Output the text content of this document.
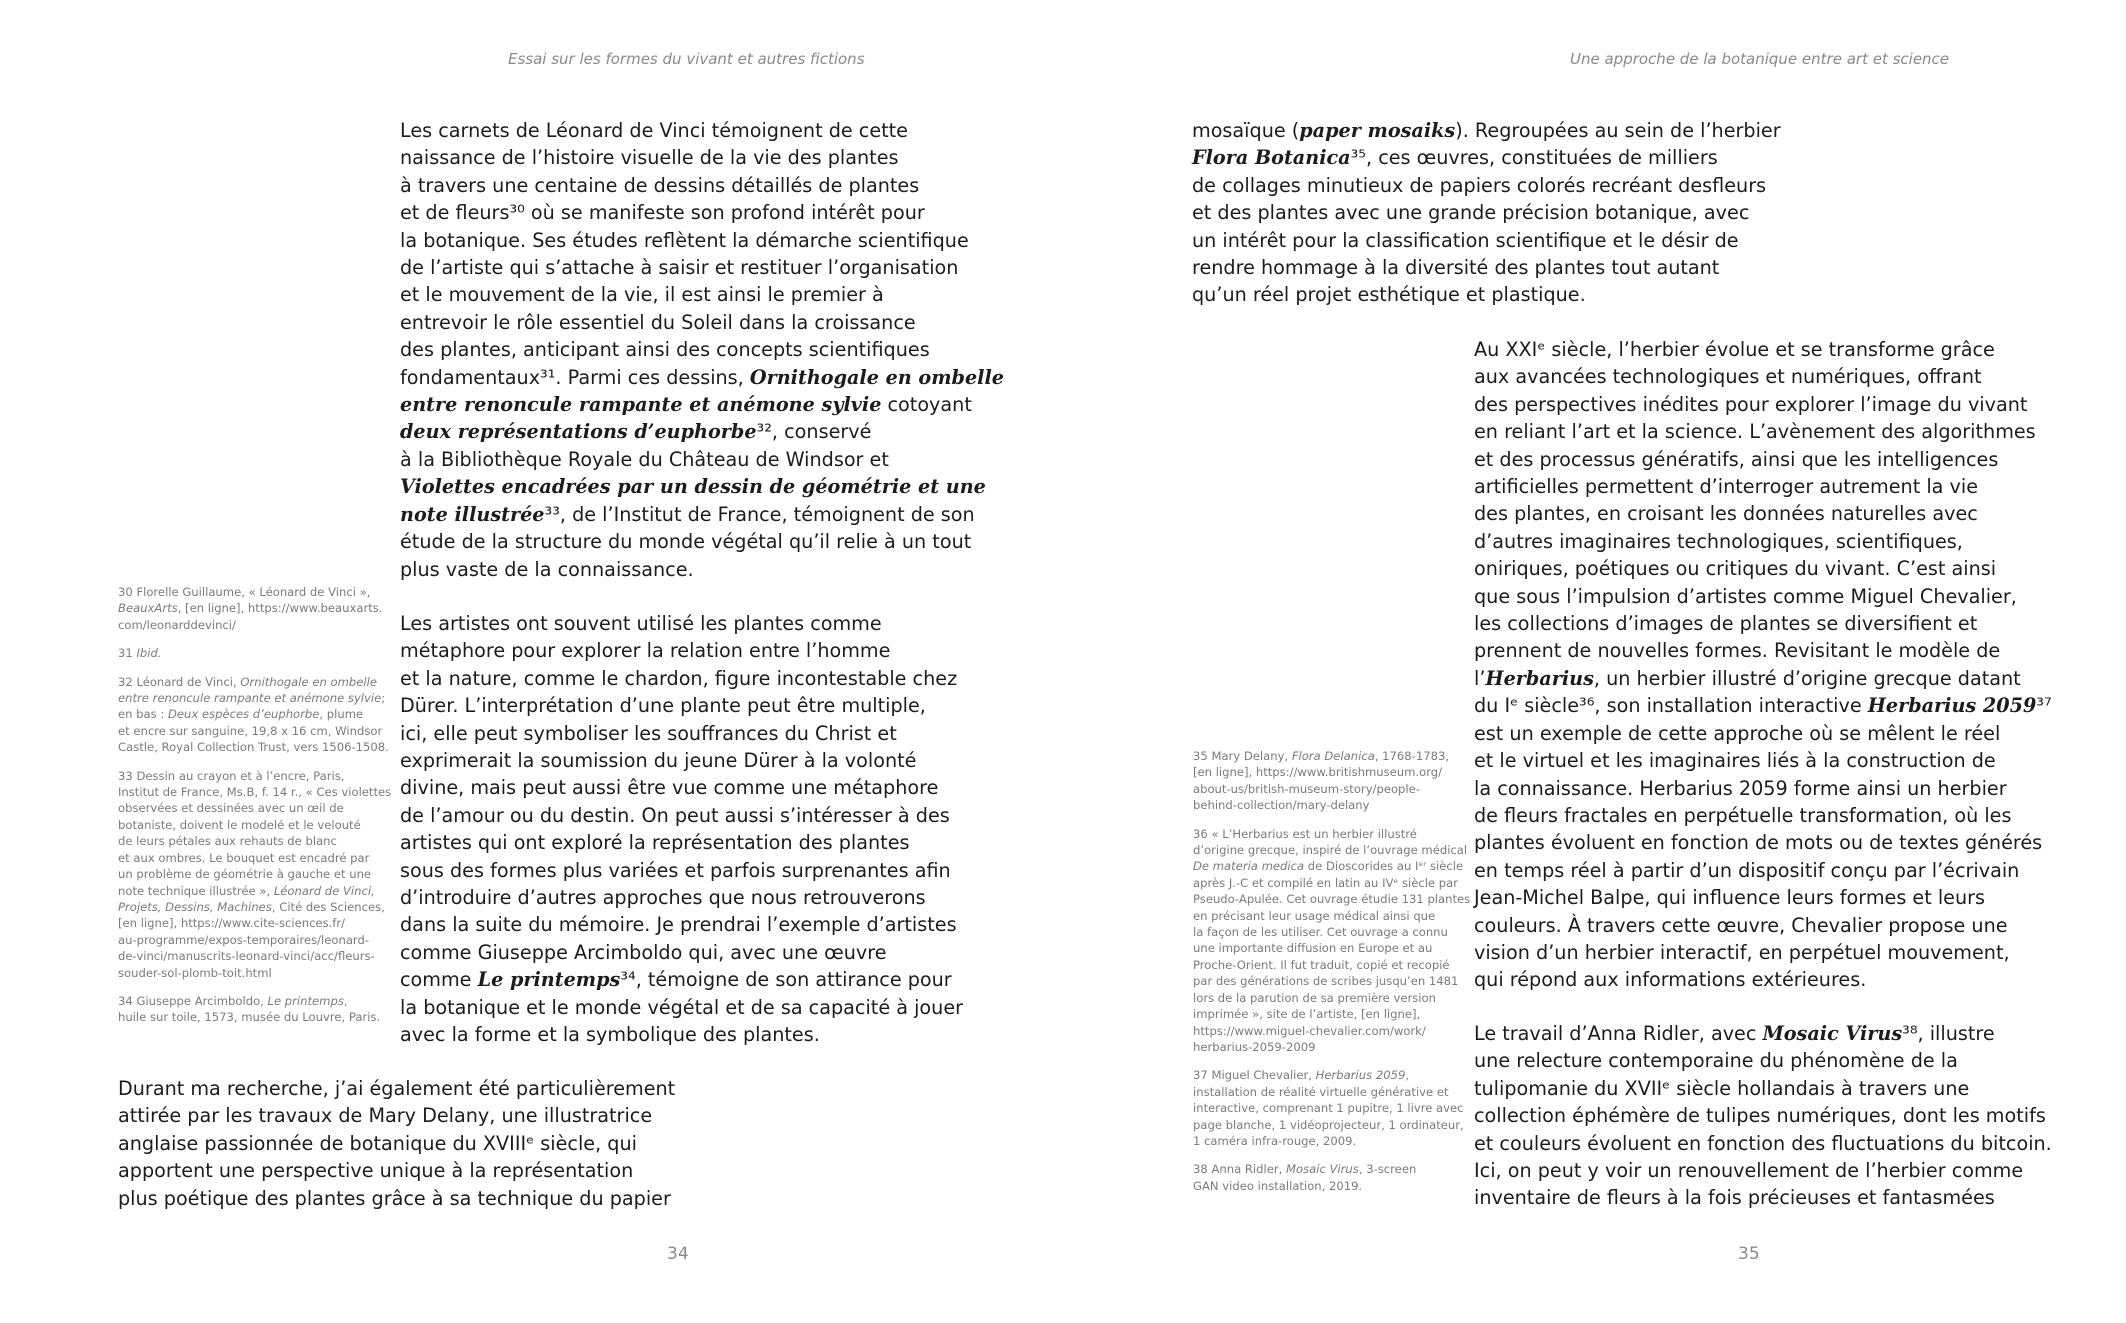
Essai sur les formes du vivant et autres fictions
Les carnets de Léonard de Vinci témoignent de cette
naissance de l’histoire visuelle de la vie des plantes
à travers une centaine de dessins détaillés de plantes
et de fleurs³⁰ où se manifeste son profond intérêt pour
la botanique. Ses études reflètent la démarche scientifique
de l’artiste qui s’attache à saisir et restituer l’organisation
et le mouvement de la vie, il est ainsi le premier à
entrevoir le rôle essentiel du Soleil dans la croissance
des plantes, anticipant ainsi des concepts scientifiques
fondamentaux³¹. Parmi ces dessins, Ornithogale en ombelle
entre renoncule rampante et anémone sylvie cotoyant
deux représentations d’euphorbe³², conservé
à la Bibliothèque Royale du Château de Windsor et
Violettes encadrées par un dessin de géométrie et une
note illustrée³³, de l’Institut de France, témoignent de son
étude de la structure du monde végétal qu’il relie à un tout
plus vaste de la connaissance.
Les artistes ont souvent utilisé les plantes comme
métaphore pour explorer la relation entre l’homme
et la nature, comme le chardon, figure incontestable chez
Dürer. L’interprétation d’une plante peut être multiple,
ici, elle peut symboliser les souffrances du Christ et
exprimerait la soumission du jeune Dürer à la volonté
divine, mais peut aussi être vue comme une métaphore
de l’amour ou du destin. On peut aussi s’intéresser à des
artistes qui ont exploré la représentation des plantes
sous des formes plus variées et parfois surprenantes afin
d’introduire d’autres approches que nous retrouverons
dans la suite du mémoire. Je prendrai l’exemple d’artistes
comme Giuseppe Arcimboldo qui, avec une œuvre
comme Le printemps³⁴, témoigne de son attirance pour
la botanique et le monde végétal et de sa capacité à jouer
avec la forme et la symbolique des plantes.
Durant ma recherche, j’ai également été particulièrement
attirée par les travaux de Mary Delany, une illustratrice
anglaise passionnée de botanique du XVIIIᵉ siècle, qui
apportent une perspective unique à la représentation
plus poétique des plantes grâce à sa technique du papier
30 Florelle Guillaume, « Léonard de Vinci »,
BeauxArts, [en ligne], https://www.beauxarts.
com/leonarddevinci/
31 Ibid.
32 Léonard de Vinci, Ornithogale en ombelle
entre renoncule rampante et anémone sylvie;
en bas : Deux espèces d’euphorbe, plume
et encre sur sanguine, 19,8 x 16 cm, Windsor
Castle, Royal Collection Trust, vers 1506-1508.
33 Dessin au crayon et à l’encre, Paris,
Institut de France, Ms.B, f. 14 r., « Ces violettes
observées et dessinées avec un œil de
botaniste, doivent le modelé et le velouté
de leurs pétales aux rehauts de blanc
et aux ombres. Le bouquet est encadré par
un problème de géométrie à gauche et une
note technique illustrée », Léonard de Vinci,
Projets, Dessins, Machines, Cité des Sciences,
[en ligne], https://www.cite-sciences.fr/
au-programme/expos-temporaires/leonard-
de-vinci/manuscrits-leonard-vinci/acc/fleurs-
souder-sol-plomb-toit.html
34 Giuseppe Arcimboldo, Le printemps,
huile sur toile, 1573, musée du Louvre, Paris.
34
Une approche de la botanique entre art et science
mosaïque (paper mosaiks). Regroupées au sein de l’herbier
Flora Botanica³⁵, ces œuvres, constituées de milliers
de collages minutieux de papiers colorés recréant desfleurs
et des plantes avec une grande précision botanique, avec
un intérêt pour la classification scientifique et le désir de
rendre hommage à la diversité des plantes tout autant
qu’un réel projet esthétique et plastique.
Au XXIᵉ siècle, l’herbier évolue et se transforme grâce
aux avancées technologiques et numériques, offrant
des perspectives inédites pour explorer l’image du vivant
en reliant l’art et la science. L’avènement des algorithmes
et des processus génératifs, ainsi que les intelligences
artificielles permettent d’interroger autrement la vie
des plantes, en croisant les données naturelles avec
d’autres imaginaires technologiques, scientifiques,
oniriques, poétiques ou critiques du vivant. C’est ainsi
que sous l’impulsion d’artistes comme Miguel Chevalier,
les collections d’images de plantes se diversifient et
prennent de nouvelles formes. Revisitant le modèle de
l’Herbarius, un herbier illustré d’origine grecque datant
du Iᵉ siècle³⁶, son installation interactive Herbarius 2059³⁷
est un exemple de cette approche où se mêlent le réel
et le virtuel et les imaginaires liés à la construction de
la connaissance. Herbarius 2059 forme ainsi un herbier
de fleurs fractales en perpétuelle transformation, où les
plantes évoluent en fonction de mots ou de textes générés
en temps réel à partir d’un dispositif conçu par l’écrivain
Jean-Michel Balpe, qui influence leurs formes et leurs
couleurs. À travers cette œuvre, Chevalier propose une
vision d’un herbier interactif, en perpétuel mouvement,
qui répond aux informations extérieures.
Le travail d’Anna Ridler, avec Mosaic Virus³⁸, illustre
une relecture contemporaine du phénomène de la
tulipomanie du XVIIᵉ siècle hollandais à travers une
collection éphémère de tulipes numériques, dont les motifs
et couleurs évoluent en fonction des fluctuations du bitcoin.
Ici, on peut y voir un renouvellement de l’herbier comme
inventaire de fleurs à la fois précieuses et fantasmées
35 Mary Delany, Flora Delanica, 1768-1783,
[en ligne], https://www.britishmuseum.org/
about-us/british-museum-story/people-
behind-collection/mary-delany
36 « L’Herbarius est un herbier illustré
d’origine grecque, inspiré de l’ouvrage médical
De materia medica de Dioscorides au Iᵉʳ siècle
après J.-C et compilé en latin au IVᵉ siècle par
Pseudo-Apulée. Cet ouvrage étudie 131 plantes
en précisant leur usage médical ainsi que
la façon de les utiliser. Cet ouvrage a connu
une importante diffusion en Europe et au
Proche-Orient. Il fut traduit, copié et recopié
par des générations de scribes jusqu’en 1481
lors de la parution de sa première version
imprimée », site de l’artiste, [en ligne],
https://www.miguel-chevalier.com/work/
herbarius-2059-2009
37 Miguel Chevalier, Herbarius 2059,
installation de réalité virtuelle générative et
interactive, comprenant 1 pupitre, 1 livre avec
page blanche, 1 vidéoprojecteur, 1 ordinateur,
1 caméra infra-rouge, 2009.
38 Anna Ridler, Mosaic Virus, 3-screen
GAN video installation, 2019.
35
